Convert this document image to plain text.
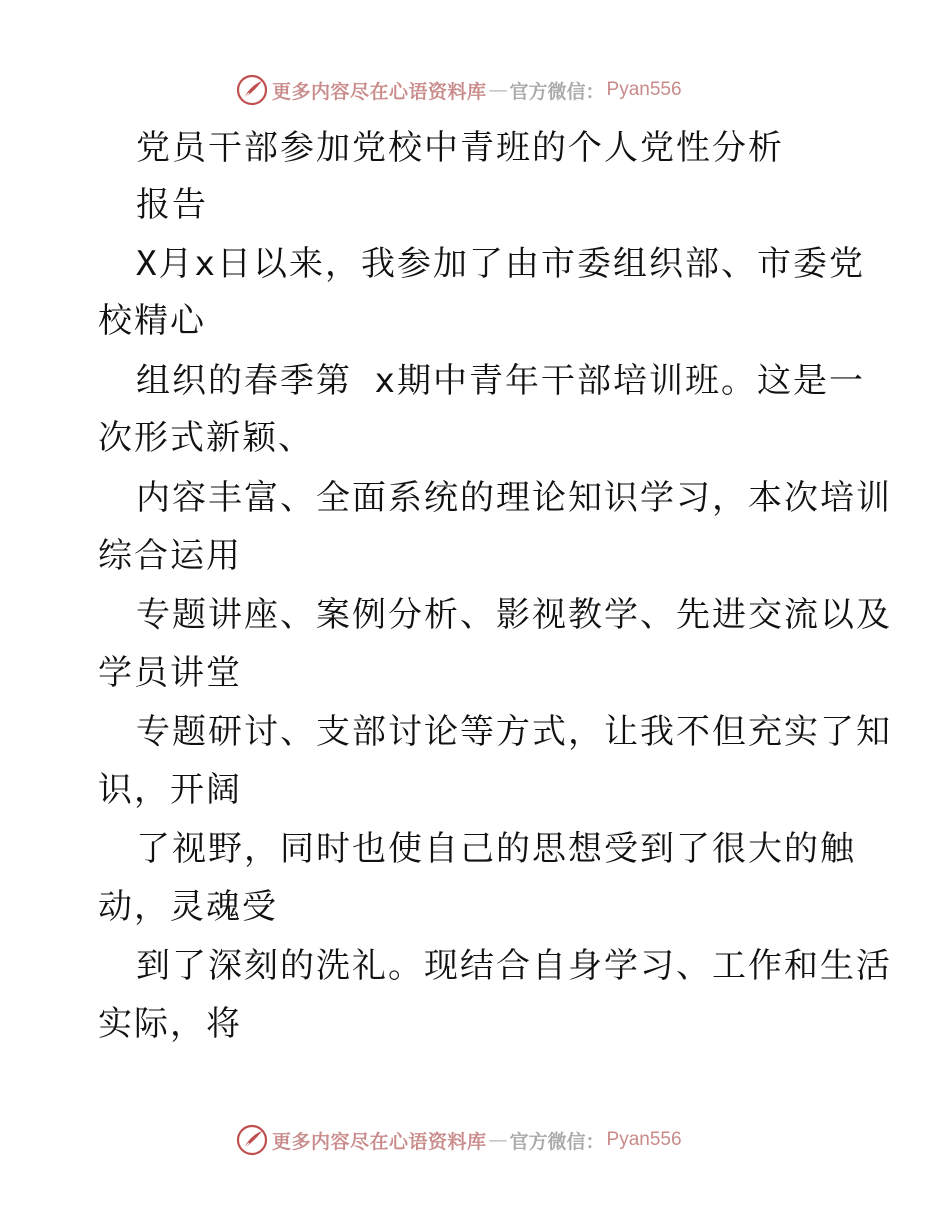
更多内容尽在心语资料库 — 官方微信： Pyan556
党员干部参加党校中青班的个人党性分析
报告
X月x日以来，我参加了由市委组织部、市委党
校精心
组织的春季第 x期中青年干部培训班。这是一
次形式新颖、
内容丰富、全面系统的理论知识学习，本次培训
综合运用
专题讲座、案例分析、影视教学、先进交流以及
学员讲堂
专题研讨、支部讨论等方式，让我不但充实了知
识，开阔
了视野，同时也使自己的思想受到了很大的触
动，灵魂受
到了深刻的洗礼。现结合自身学习、工作和生活
实际，将
更多内容尽在心语资料库 — 官方微信： Pyan556
